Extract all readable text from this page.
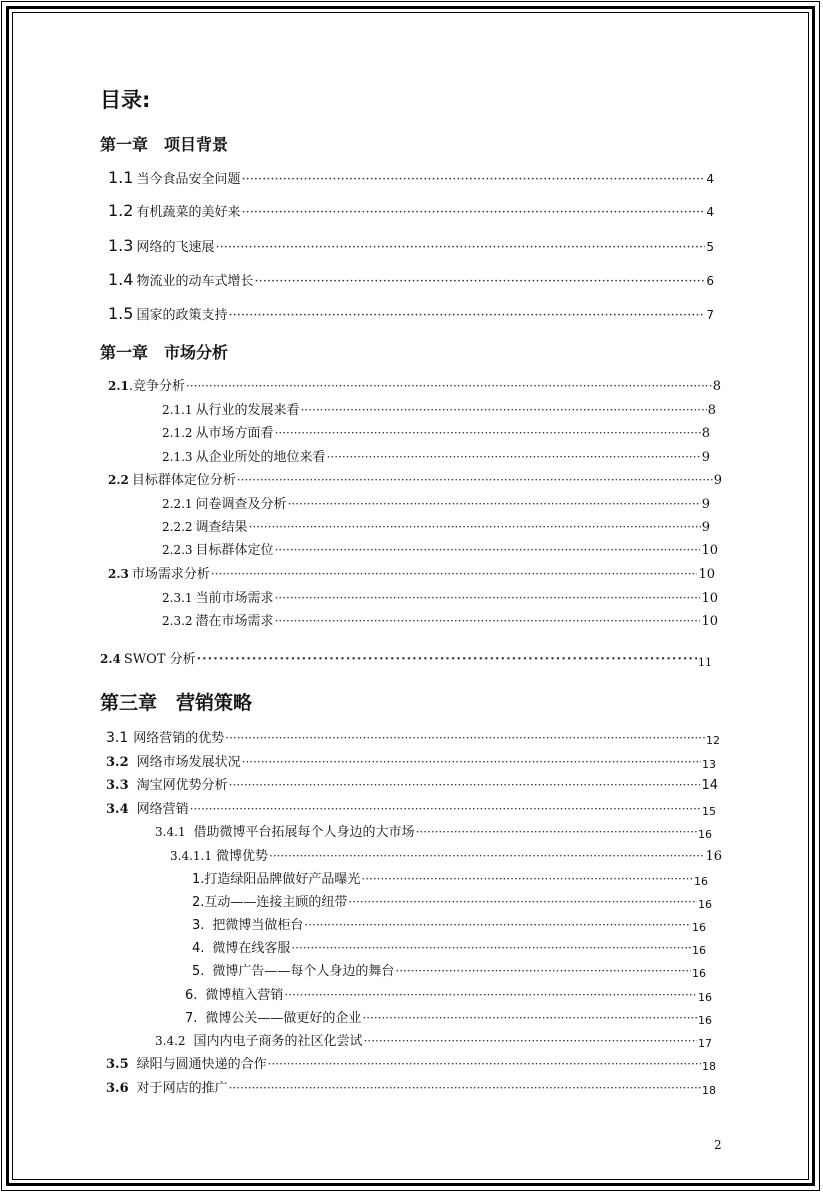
目录:
第一章　项目背景
1.1 当今食品安全问题 ·····	4
1.2 有机蔬菜的美好来 ·····	4
1.3 网络的飞速展 ·····	5
1.4 物流业的动车式增长 ·····	6
1.5 国家的政策支持 ·····	7
第一章　市场分析
2.1 .竞争分析 ·····	8
2.1.1 从行业的发展来看 ·····	8
2.1.2 从市场方面看 ·····	8
2.1.3 从企业所处的地位来看 ·····	9
2.2 目标群体定位分析 ·····	9
2.2.1 问卷调查及分析 ·····	9
2.2.2 调查结果 ·····	9
2.2.3 目标群体定位 ·····	10
2.3 市场需求分析 ·····	10
2.3.1 当前市场需求 ·····	10
2.3.2 潜在市场需求 ·····	10
2.4 SWOT 分析 ·····	11
第三章　营销策略
3.1 网络营销的优势 ·····	12
3.2 网络市场发展状况 ·····	13
3.3 淘宝网优势分析 ·····	14
3.4 网络营销 ·····	15
3.4.1 借助微博平台拓展每个人身边的大市场 ·····	16
3.4.1.1 微博优势 ·····	16
1. 打造绿阳品牌做好产品曝光 ·····	16
2. 互动——连接主顾的纽带 ·····	16
3. 把微博当做柜台 ·····	16
4. 微博在线客服 ·····	16
5. 微博广告——每个人身边的舞台 ·····	16
6. 微博植入营销 ·····	16
7. 微博公关——做更好的企业 ·····	16
3.4.2 国内内电子商务的社区化尝试 ·····	17
3.5 绿阳与圆通快递的合作 ·····	18
3.6 对于网店的推广 ·····	18
2
